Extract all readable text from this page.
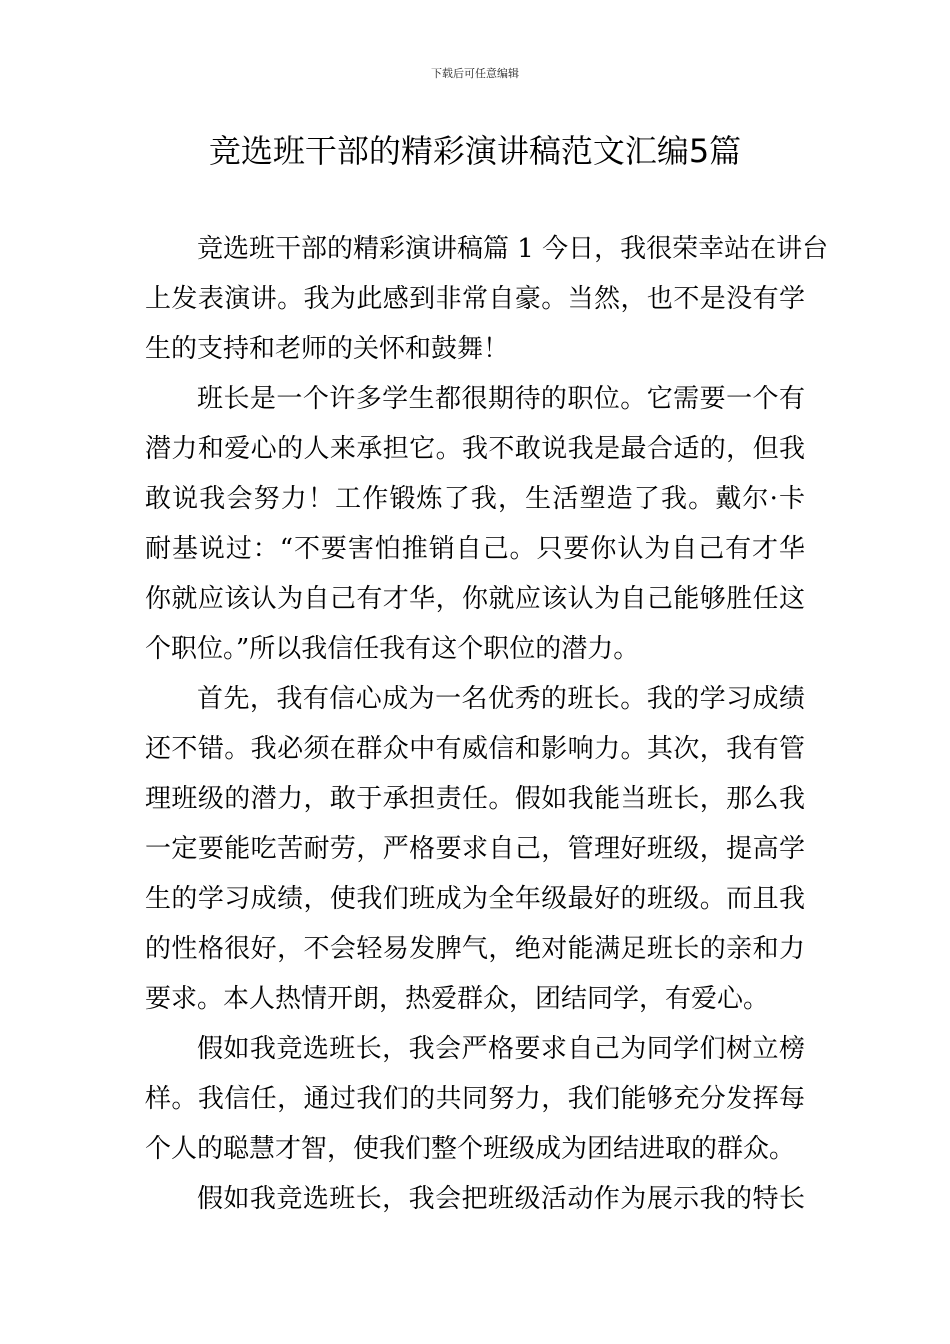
下载后可任意编辑
竞选班干部的精彩演讲稿范文汇编5篇
竞选班干部的精彩演讲稿篇 1 今日，我很荣幸站在讲台
上发表演讲。我为此感到非常自豪。当然，也不是没有学
生的支持和老师的关怀和鼓舞！
班长是一个许多学生都很期待的职位。它需要一个有
潜力和爱心的人来承担它。我不敢说我是最合适的，但我
敢说我会努力！工作锻炼了我，生活塑造了我。戴尔·卡
耐基说过：“不要害怕推销自己。只要你认为自己有才华
你就应该认为自己有才华，你就应该认为自己能够胜任这
个职位。”所以我信任我有这个职位的潜力。
首先，我有信心成为一名优秀的班长。我的学习成绩
还不错。我必须在群众中有威信和影响力。其次，我有管
理班级的潜力，敢于承担责任。假如我能当班长，那么我
一定要能吃苦耐劳，严格要求自己，管理好班级，提高学
生的学习成绩，使我们班成为全年级最好的班级。而且我
的性格很好，不会轻易发脾气，绝对能满足班长的亲和力
要求。本人热情开朗，热爱群众，团结同学，有爱心。
假如我竞选班长，我会严格要求自己为同学们树立榜
样。我信任，通过我们的共同努力，我们能够充分发挥每
个人的聪慧才智，使我们整个班级成为团结进取的群众。
假如我竞选班长，我会把班级活动作为展示我的特长
